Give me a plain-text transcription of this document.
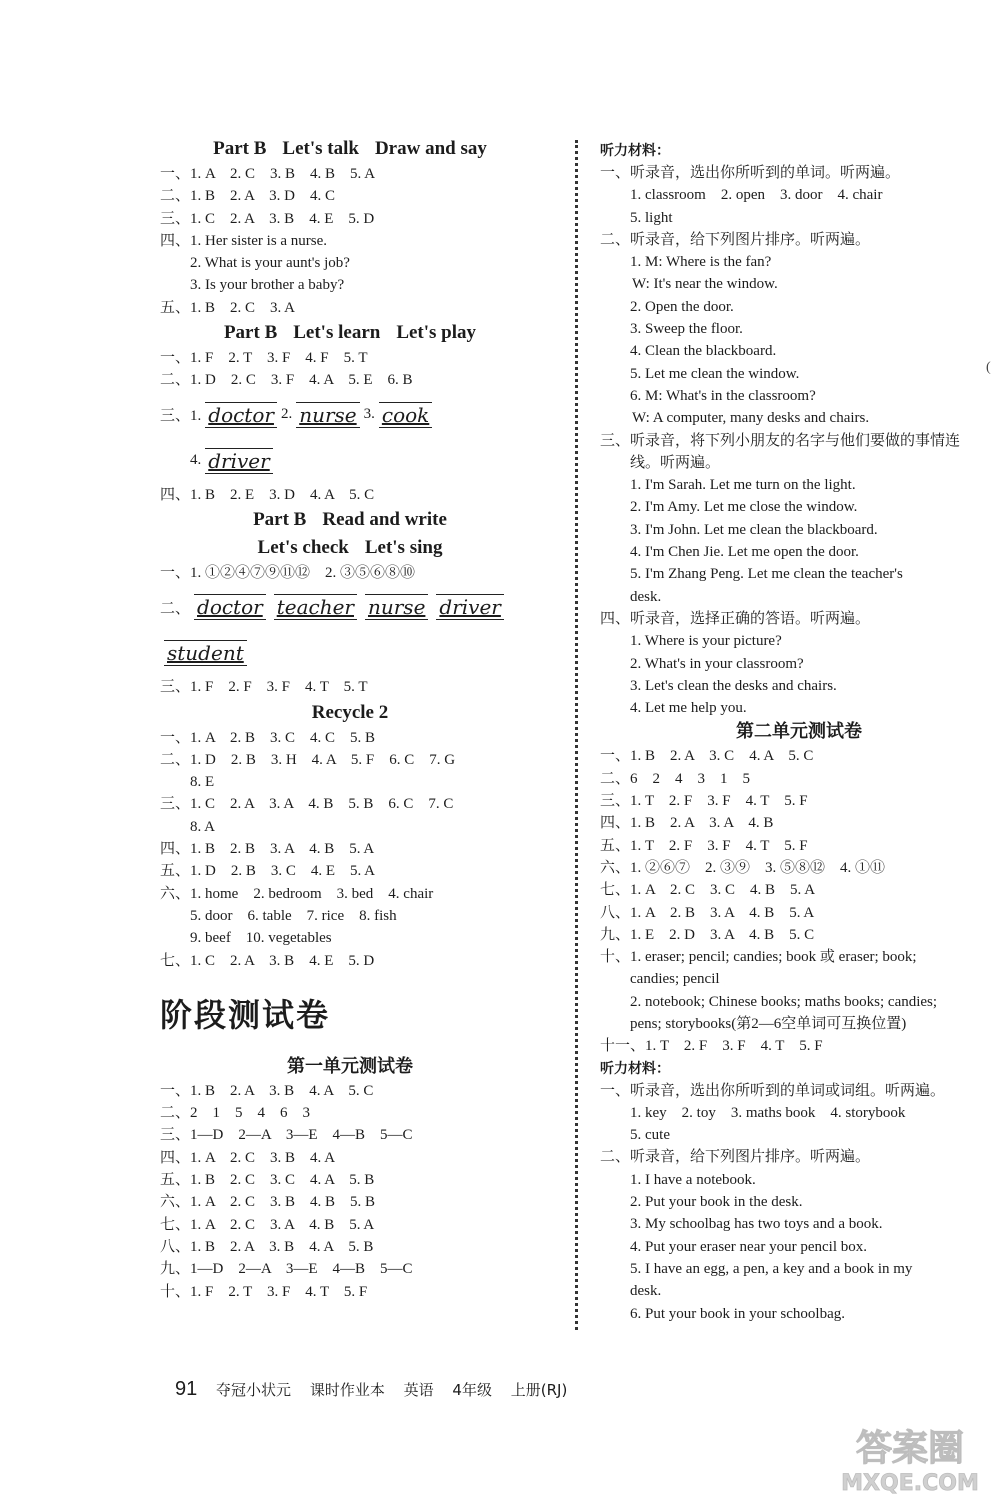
Part B Let's talk Draw and say
一、1. A　2. C　3. B　4. B　5. A
二、1. B　2. A　3. D　4. C
三、1. C　2. A　3. B　4. E　5. D
四、1. Her sister is a nurse.
2. What is your aunt's job?
3. Is your brother a baby?
五、1. B　2. C　3. A
Part B Let's learn Let's play
一、1. F　2. T　3. F　4. F　5. T
二、1. D　2. C　3. F　4. A　5. E　6. B
三、1. doctor 2. nurse 3. cook
4. driver
四、1. B　2. E　3. D　4. A　5. C
Part B Read and write
Let's check Let's sing
一、1. ①②④⑦⑨⑪⑫　2. ③⑤⑥⑧⑩
二、 doctor teacher nurse driver
student
三、1. F　2. F　3. F　4. T　5. T
Recycle 2
一、1. A　2. B　3. C　4. C　5. B
二、1. D　2. B　3. H　4. A　5. F　6. C　7. G
8. E
三、1. C　2. A　3. A　4. B　5. B　6. C　7. C
8. A
四、1. B　2. B　3. A　4. B　5. A
五、1. D　2. B　3. C　4. E　5. A
六、1. home　2. bedroom　3. bed　4. chair
5. door　6. table　7. rice　8. fish
9. beef　10. vegetables
七、1. C　2. A　3. B　4. E　5. D
阶段测试卷
第一单元测试卷
一、1. B　2. A　3. B　4. A　5. C
二、2　1　5　4　6　3
三、1—D　2—A　3—E　4—B　5—C
四、1. A　2. C　3. B　4. A
五、1. B　2. C　3. C　4. A　5. B
六、1. A　2. C　3. B　4. B　5. B
七、1. A　2. C　3. A　4. B　5. A
八、1. B　2. A　3. B　4. A　5. B
九、1—D　2—A　3—E　4—B　5—C
十、1. F　2. T　3. F　4. T　5. F
听力材料：
一、听录音，选出你所听到的单词。听两遍。
1. classroom　2. open　3. door　4. chair
5. light
二、听录音，给下列图片排序。听两遍。
1. M: Where is the fan?
W: It's near the window.
2. Open the door.
3. Sweep the floor.
4. Clean the blackboard.
5. Let me clean the window.
6. M: What's in the classroom?
W: A computer, many desks and chairs.
三、听录音，将下列小朋友的名字与他们要做的事情连
线。听两遍。
1. I'm Sarah. Let me turn on the light.
2. I'm Amy. Let me close the window.
3. I'm John. Let me clean the blackboard.
4. I'm Chen Jie. Let me open the door.
5. I'm Zhang Peng. Let me clean the teacher's
desk.
四、听录音，选择正确的答语。听两遍。
1. Where is your picture?
2. What's in your classroom?
3. Let's clean the desks and chairs.
4. Let me help you.
第二单元测试卷
一、1. B　2. A　3. C　4. A　5. C
二、6　2　4　3　1　5
三、1. T　2. F　3. F　4. T　5. F
四、1. B　2. A　3. A　4. B
五、1. T　2. F　3. F　4. T　5. F
六、1. ②⑥⑦　2. ③⑨　3. ⑤⑧⑫　4. ①⑪
七、1. A　2. C　3. C　4. B　5. A
八、1. A　2. B　3. A　4. B　5. A
九、1. E　2. D　3. A　4. B　5. C
十、1. eraser; pencil; candies; book 或 eraser; book;
candies; pencil
2. notebook; Chinese books; maths books; candies;
pens; storybooks(第2—6空单词可互换位置)
十一、1. T　2. F　3. F　4. T　5. F
听力材料：
一、听录音，选出你所听到的单词或词组。听两遍。
1. key　2. toy　3. maths book　4. storybook
5. cute
二、听录音，给下列图片排序。听两遍。
1. I have a notebook.
2. Put your book in the desk.
3. My schoolbag has two toys and a book.
4. Put your eraser near your pencil box.
5. I have an egg, a pen, a key and a book in my
desk.
6. Put your book in your schoolbag.
(
91 夺冠小状元 课时作业本 英语 4年级 上册(RJ)
答案圈
MXQE.COM
